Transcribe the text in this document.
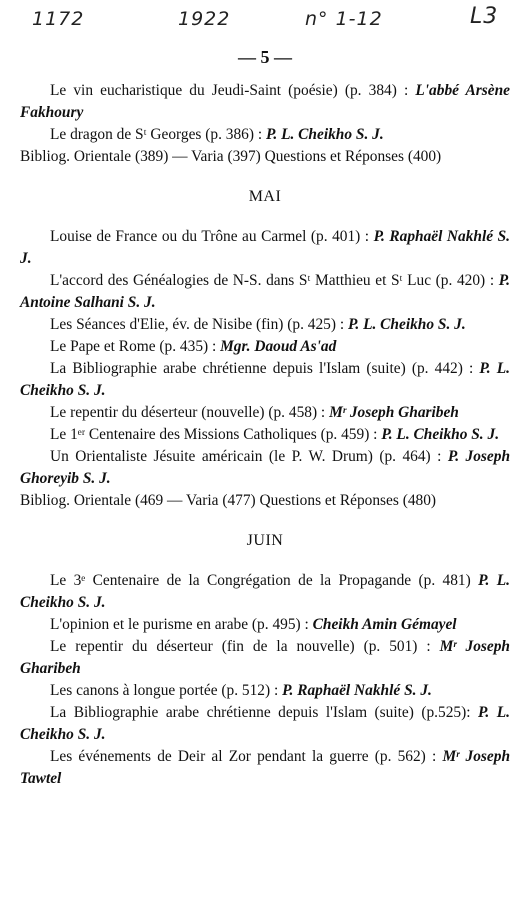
1172	1922	n° 1-12	L3
— 5 —

Le vin eucharistique du Jeudi-Saint (poésie) (p. 384) : L'abbé Arsène Fakhoury

Le dragon de Sᵗ Georges (p. 386) : P. L. Cheikho S. J.

Bibliog. Orientale (389) — Varia (397) Questions et Réponses (400)

MAI

Louise de France ou du Trône au Carmel (p. 401) : P. Raphaël Nakhlé S. J.

L'accord des Généalogies de N-S. dans Sᵗ Matthieu et Sᵗ Luc (p. 420) : P. Antoine Salhani S. J.

Les Séances d'Elie, év. de Nisibe (fin) (p. 425) : P. L. Cheikho S. J.

Le Pape et Rome (p. 435) : Mgr. Daoud As'ad

La Bibliographie arabe chrétienne depuis l'Islam (suite) (p. 442) : P. L. Cheikho S. J.

Le repentir du déserteur (nouvelle) (p. 458) : Mʳ Joseph Gharibeh

Le 1ᵉʳ Centenaire des Missions Catholiques (p. 459) : P. L. Cheikho S. J.

Un Orientaliste Jésuite américain (le P. W. Drum) (p. 464) : P. Joseph Ghoreyib S. J.

Bibliog. Orientale (469 — Varia (477) Questions et Réponses (480)

JUIN

Le 3ᵉ Centenaire de la Congrégation de la Propagande (p. 481) P. L. Cheikho S. J.

L'opinion et le purisme en arabe (p. 495) : Cheikh Amin Gémayel

Le repentir du déserteur (fin de la nouvelle) (p. 501) : Mʳ Joseph Gharibeh

Les canons à longue portée (p. 512) : P. Raphaël Nakhlé S. J.

La Bibliographie arabe chrétienne depuis l'Islam (suite) (p.525): P. L. Cheikho S. J.

Les événements de Deir al Zor pendant la guerre (p. 562) : Mʳ Joseph Tawtel
